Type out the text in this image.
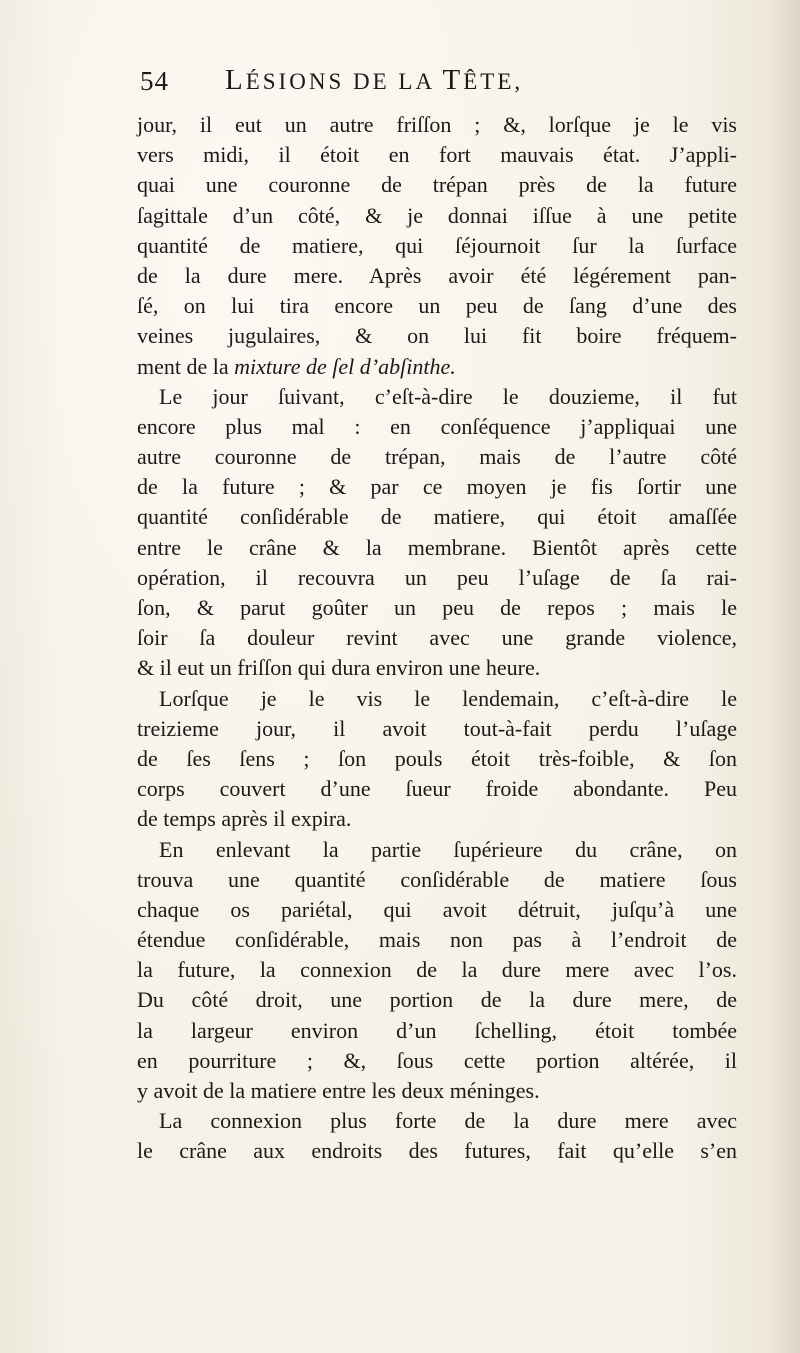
54 LÉSIONS DE LA TÊTE,
jour, il eut un autre friſſon ; &, lorſque je le vis
vers midi, il étoit en fort mauvais état. J’appli-
quai une couronne de trépan près de la future
ſagittale d’un côté, & je donnai iſſue à une petite
quantité de matiere, qui ſéjournoit ſur la ſurface
de la dure mere. Après avoir été légérement pan-
ſé, on lui tira encore un peu de ſang d’une des
veines jugulaires, & on lui fit boire fréquem-
ment de la mixture de ſel d’abſinthe.
Le jour ſuivant, c’eſt-à-dire le douzieme, il fut
encore plus mal : en conſéquence j’appliquai une
autre couronne de trépan, mais de l’autre côté
de la future ; & par ce moyen je fis ſortir une
quantité conſidérable de matiere, qui étoit amaſſée
entre le crâne & la membrane. Bientôt après cette
opération, il recouvra un peu l’uſage de ſa rai-
ſon, & parut goûter un peu de repos ; mais le
ſoir ſa douleur revint avec une grande violence,
& il eut un friſſon qui dura environ une heure.
Lorſque je le vis le lendemain, c’eſt-à-dire le
treizieme jour, il avoit tout-à-fait perdu l’uſage
de ſes ſens ; ſon pouls étoit très-foible, & ſon
corps couvert d’une ſueur froide abondante. Peu
de temps après il expira.
En enlevant la partie ſupérieure du crâne, on
trouva une quantité conſidérable de matiere ſous
chaque os pariétal, qui avoit détruit, juſqu’à une
étendue conſidérable, mais non pas à l’endroit de
la future, la connexion de la dure mere avec l’os.
Du côté droit, une portion de la dure mere, de
la largeur environ d’un ſchelling, étoit tombée
en pourriture ; &, ſous cette portion altérée, il
y avoit de la matiere entre les deux méninges.
La connexion plus forte de la dure mere avec
le crâne aux endroits des futures, fait qu’elle s’en
